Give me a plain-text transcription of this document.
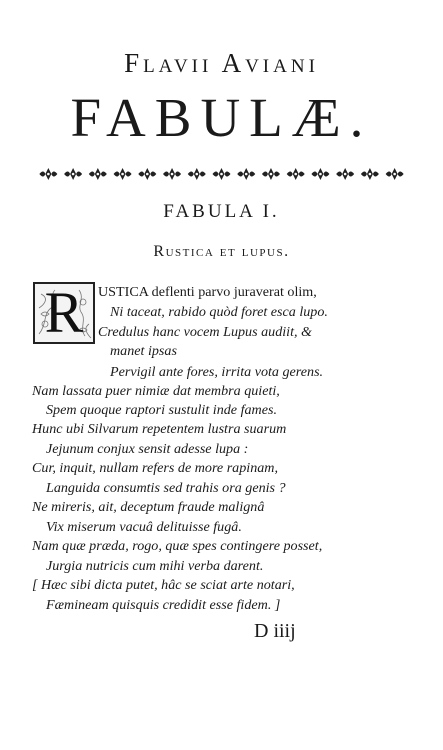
Flavii Aviani
FABULÆ.
FABULA I.
Rustica et lupus.
R	USTICA deflenti parvo juraverat olim,
Ni taceat, rabido quòd foret esca lupo.
Credulus hanc vocem Lupus audiit, &
manet ipsas
Pervigil ante fores, irrita vota gerens.
Nam lassata puer nimiæ dat membra quieti,
Spem quoque raptori sustulit inde fames.
Hunc ubi Silvarum repetentem lustra suarum
Jejunum conjux sensit adesse lupa :
Cur, inquit, nullam refers de more rapinam,
Languida consumtis sed trahis ora genis ?
Ne mireris, ait, deceptum fraude malignâ
Vix miserum vacuâ delituisse fugâ.
Nam quæ præda, rogo, quæ spes contingere posset,
Jurgia nutricis cum mihi verba darent.
[ Hæc sibi dicta putet, hâc se sciat arte notari,
Fæmineam quisquis credidit esse fidem. ]
D iiij
